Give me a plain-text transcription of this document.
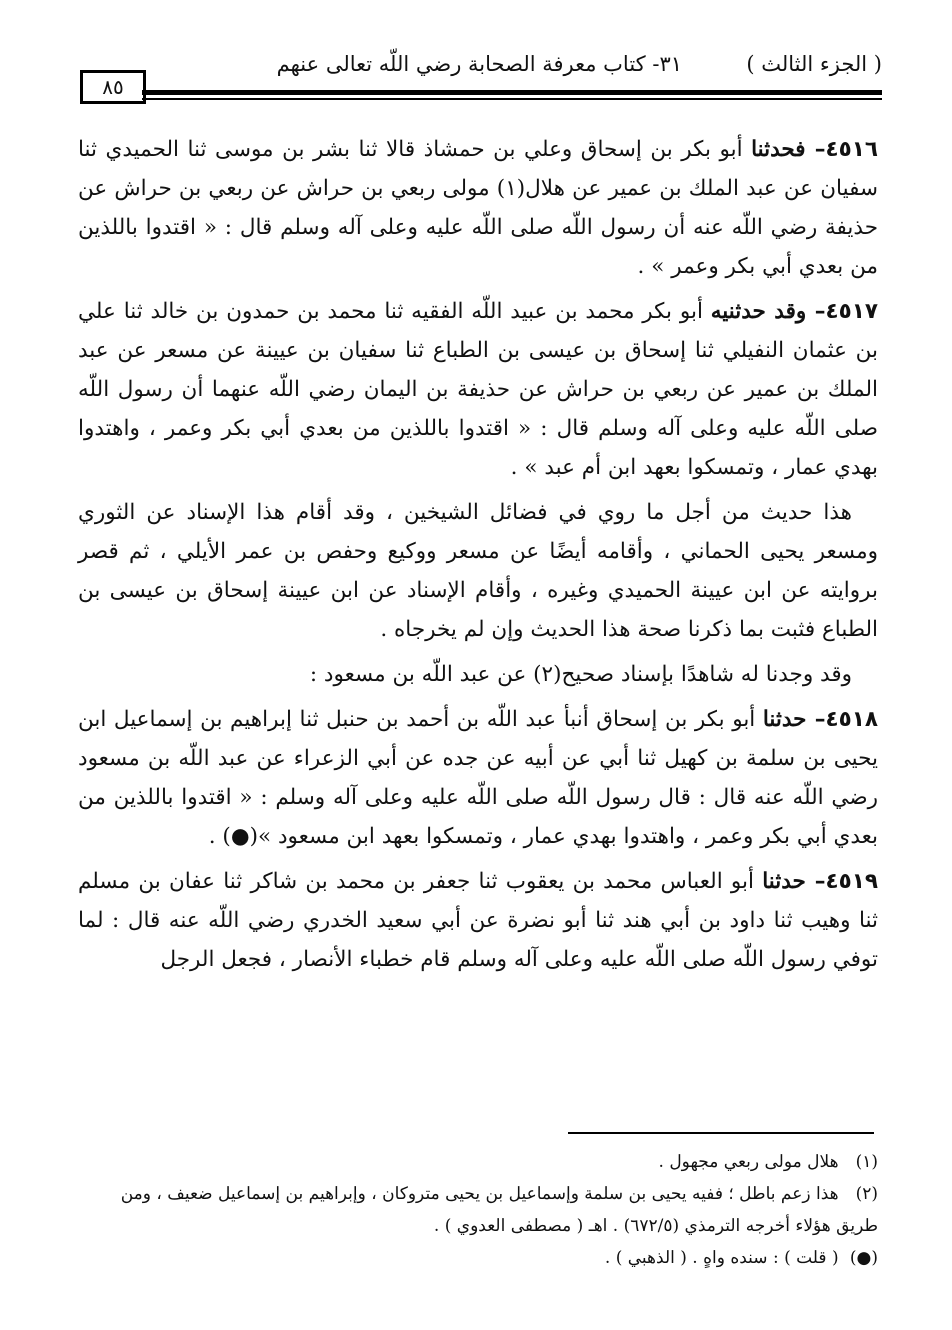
( الجزء الثالث )
٣١- كتاب معرفة الصحابة رضي اللّه تعالى عنهم
٨٥

٤٥١٦– فحدثنا أبو بكر بن إسحاق وعلي بن حمشاذ قالا ثنا بشر بن موسى ثنا الحميدي ثنا سفيان عن عبد الملك بن عمير عن هلال(١) مولى ربعي بن حراش عن ربعي بن حراش عن حذيفة رضي اللّه عنه أن رسول اللّه صلى اللّه عليه وعلى آله وسلم قال : « اقتدوا باللذين من بعدي أبي بكر وعمر » .

٤٥١٧– وقد حدثنيه أبو بكر محمد بن عبيد اللّه الفقيه ثنا محمد بن حمدون بن خالد ثنا علي بن عثمان النفيلي ثنا إسحاق بن عيسى بن الطباع ثنا سفيان بن عيينة عن مسعر عن عبد الملك بن عمير عن ربعي بن حراش عن حذيفة بن اليمان رضي اللّه عنهما أن رسول اللّه صلى اللّه عليه وعلى آله وسلم قال : « اقتدوا باللذين من بعدي أبي بكر وعمر ، واهتدوا بهدي عمار ، وتمسكوا بعهد ابن أم عبد » .

هذا حديث من أجل ما روي في فضائل الشيخين ، وقد أقام هذا الإسناد عن الثوري ومسعر يحيى الحماني ، وأقامه أيضًا عن مسعر ووكيع وحفص بن عمر الأيلي ، ثم قصر بروايته عن ابن عيينة الحميدي وغيره ، وأقام الإسناد عن ابن عيينة إسحاق بن عيسى بن الطباع فثبت بما ذكرنا صحة هذا الحديث وإن لم يخرجاه .

وقد وجدنا له شاهدًا بإسناد صحيح(٢) عن عبد اللّه بن مسعود :

٤٥١٨– حدثنا أبو بكر بن إسحاق أنبأ عبد اللّه بن أحمد بن حنبل ثنا إبراهيم بن إسماعيل ابن يحيى بن سلمة بن كهيل ثنا أبي عن أبيه عن جده عن أبي الزعراء عن عبد اللّه بن مسعود رضي اللّه عنه قال : قال رسول اللّه صلى اللّه عليه وعلى آله وسلم : « اقتدوا باللذين من بعدي أبي بكر وعمر ، واهتدوا بهدي عمار ، وتمسكوا بعهد ابن مسعود »(●) .

٤٥١٩– حدثنا أبو العباس محمد بن يعقوب ثنا جعفر بن محمد بن شاكر ثنا عفان بن مسلم ثنا وهيب ثنا داود بن أبي هند ثنا أبو نضرة عن أبي سعيد الخدري رضي اللّه عنه قال : لما توفي رسول اللّه صلى اللّه عليه وعلى آله وسلم قام خطباء الأنصار ، فجعل الرجل

(١) هلال مولى ربعي مجهول .

(٢) هذا زعم باطل ؛ ففيه يحيى بن سلمة وإسماعيل بن يحيى متروكان ، وإبراهيم بن إسماعيل ضعيف ، ومن طريق هؤلاء أخرجه الترمذي (٦٧٢/٥) . اهـ ( مصطفى العدوي ) .

(●) ( قلت ) : سنده واهٍ . ( الذهبي ) .
